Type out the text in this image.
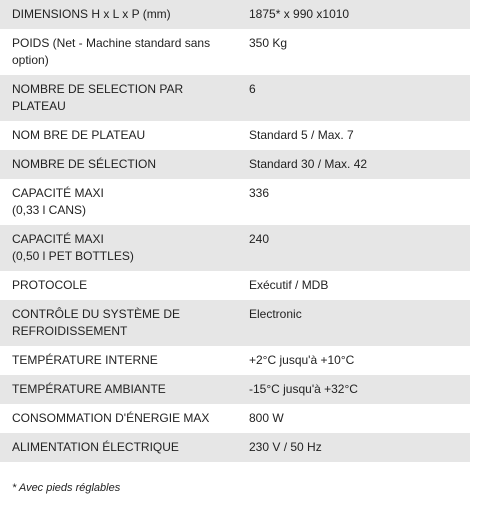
DIMENSIONS H x L x P (mm)	1875* x 990 x1010
POIDS (Net - Machine standard sans option)	350 Kg
NOMBRE DE SELECTION PAR PLATEAU	6
NOM BRE DE PLATEAU	Standard 5 / Max. 7
NOMBRE DE SÉLECTION	Standard 30 / Max. 42
CAPACITÉ MAXI
(0,33 l CANS)	336
CAPACITÉ MAXI
(0,50 l PET BOTTLES)	240
PROTOCOLE	Exécutif / MDB
CONTRÔLE DU SYSTÈME DE REFROIDISSEMENT	Electronic
TEMPÉRATURE INTERNE	+2°C jusqu'à +10°C
TEMPÉRATURE AMBIANTE	-15°C jusqu'à +32°C
CONSOMMATION D'ÉNERGIE MAX	800 W
ALIMENTATION ÉLECTRIQUE	230 V / 50 Hz
* Avec pieds réglables
